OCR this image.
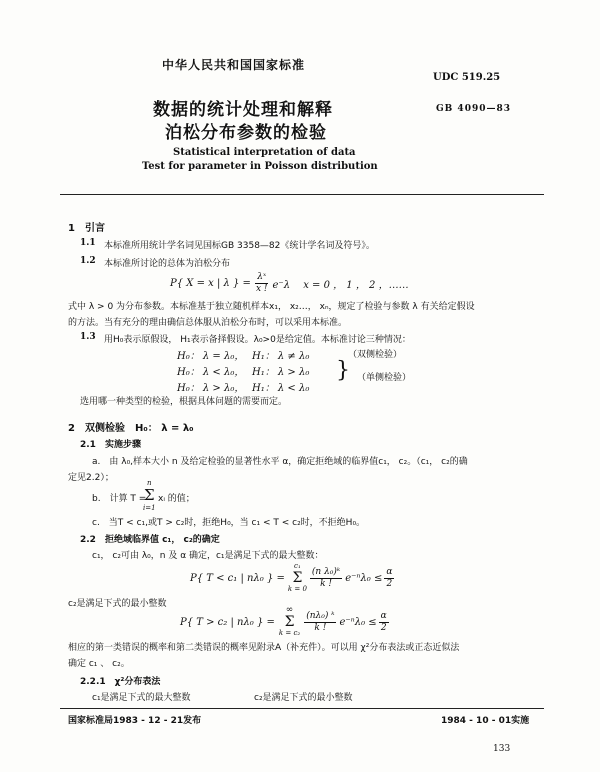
中华人民共和国国家标准
UDC 519.25
数据的统计处理和解释
泊松分布参数的检验
GB 4090—83
Statistical interpretation of data
Test for parameter in Poisson distribution
1　引言
1.1 本标准所用统计学名词见国标GB 3358—82《统计学名词及符号》。
1.2 本标准所讨论的总体为泊松分布
P{ X = x | λ } = $\frac{\text{λˣ}}{x !} e^-\lambda$　 x = 0 ， 1 ， 2 ，……
式中 λ > 0 为分布参数。本标准基于独立随机样本x₁， x₂…， xₙ，规定了检验与参数 λ 有关给定假设
的方法。当有充分的理由确信总体服从泊松分布时，可以采用本标准。
1.3 用H₀表示原假设， H₁表示备择假设。λ₀>0是给定值。本标准讨论三种情况：
H₀： λ = λ₀， H₁： λ ≠ λ₀	（双侧检验）
H₀： λ < λ₀， H₁： λ > λ₀
H₀： λ > λ₀， H₁： λ < λ₀
} （单侧检验）
选用哪一种类型的检验，根据具体问题的需要而定。
2　双侧检验　H₀： λ = λ₀
2.1　实施步骤
a.　由 λ₀,样本大小 n 及给定检验的显著性水平 α，确定拒绝域的临界值c₁， c₂。（c₁， c₂的确
定见2.2）；
b.　计算 T =
n
Σ
i=1
xᵢ 的值；
c.　当T < c₁,或T > c₂时，拒绝H₀，当 c₁ < T < c₂时，不拒绝H₀。
2.2　拒绝域临界值 c₁， c₂的确定
c₁， c₂可由 λ₀，n 及 α 确定，c₁是满足下式的最大整数：
P{ T < c₁ | nλ₀ } =
c₁
Σ
$k = 0 \frac{\text{(n λ₀)ᵏ}}{k !} e^{-n}\lambda_0 \le \frac{\alpha}{2}$
c₂是满足下式的最小整数
P{ T > c₂ | nλ₀ } =
∞
Σ
$k = c_2 \frac{\text{(nλ₀) ᵏ}}{k !} e^{-n}\lambda_0 \le \frac{\alpha}{2}$
相应的第一类错误的概率和第二类错误的概率见附录A（补充件）。可以用 χ²分布表法或正态近似法
确定 c₁ 、 c₂。
2.2.1　χ²分布表法
c₁是满足下式的最大整数	c₂是满足下式的最小整数
国家标准局1983 - 12 - 21发布	1984 - 10 - 01实施
133
